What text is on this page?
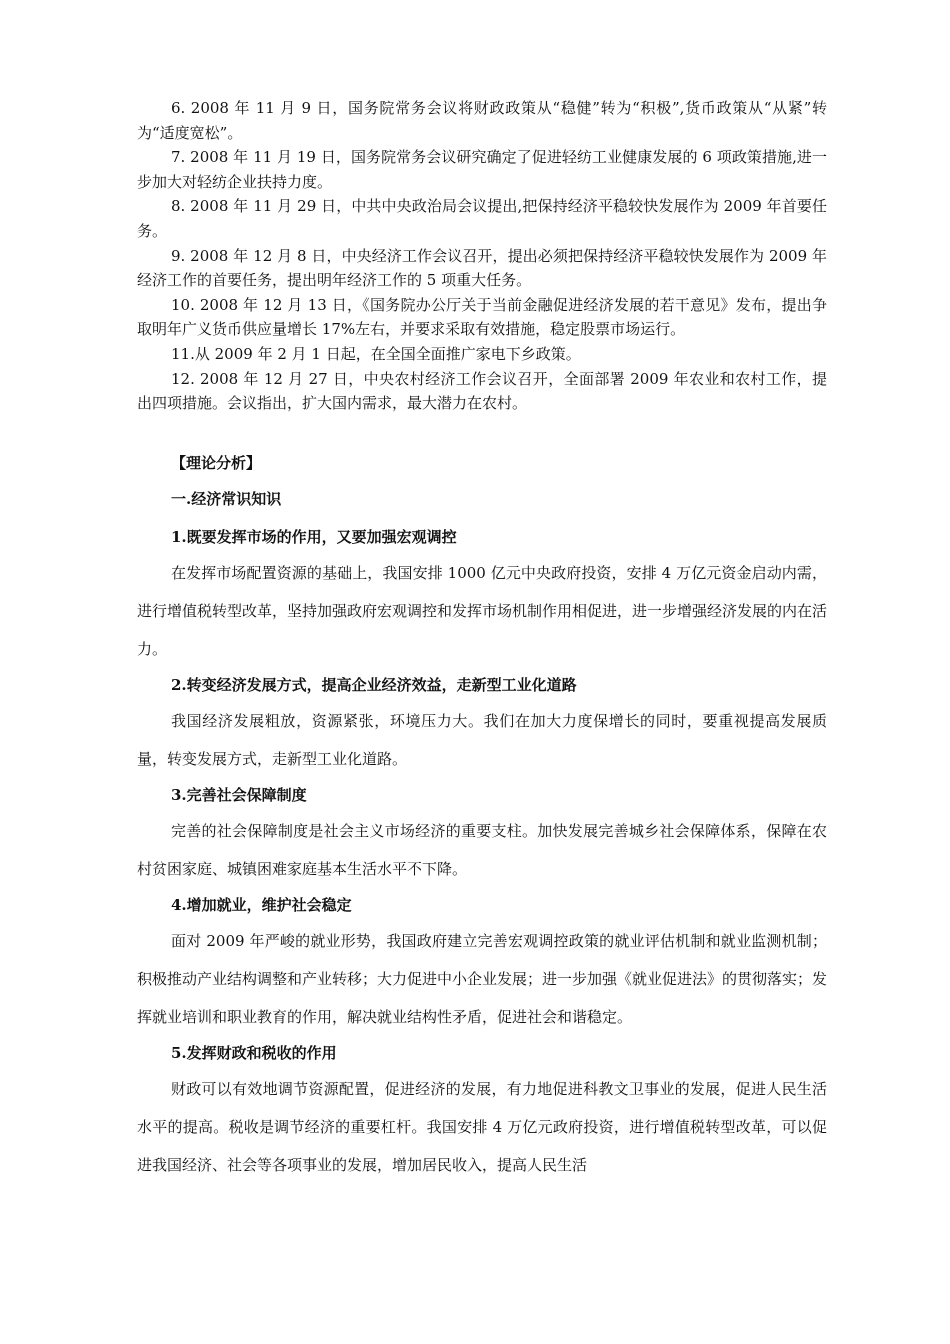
6. 2008 年 11 月 9 日，国务院常务会议将财政政策从“稳健”转为“积极”,货币政策从“从紧”转为“适度宽松”。

7. 2008 年 11 月 19 日，国务院常务会议研究确定了促进轻纺工业健康发展的 6 项政策措施,进一步加大对轻纺企业扶持力度。

8. 2008 年 11 月 29 日，中共中央政治局会议提出,把保持经济平稳较快发展作为 2009 年首要任务。

9. 2008 年 12 月 8 日，中央经济工作会议召开，提出必须把保持经济平稳较快发展作为 2009 年经济工作的首要任务，提出明年经济工作的 5 项重大任务。

10. 2008 年 12 月 13 日，《国务院办公厅关于当前金融促进经济发展的若干意见》发布，提出争取明年广义货币供应量增长 17%左右，并要求采取有效措施，稳定股票市场运行。

11.从 2009 年 2 月 1 日起，在全国全面推广家电下乡政策。

12. 2008 年 12 月 27 日，中央农村经济工作会议召开，全面部署 2009 年农业和农村工作，提出四项措施。会议指出，扩大国内需求，最大潜力在农村。

【理论分析】

一.经济常识知识

1.既要发挥市场的作用，又要加强宏观调控

在发挥市场配置资源的基础上，我国安排 1000 亿元中央政府投资，安排 4 万亿元资金启动内需，进行增值税转型改革，坚持加强政府宏观调控和发挥市场机制作用相促进，进一步增强经济发展的内在活力。

2.转变经济发展方式，提高企业经济效益，走新型工业化道路

我国经济发展粗放，资源紧张，环境压力大。我们在加大力度保增长的同时，要重视提高发展质量，转变发展方式，走新型工业化道路。

3.完善社会保障制度

完善的社会保障制度是社会主义市场经济的重要支柱。加快发展完善城乡社会保障体系，保障在农村贫困家庭、城镇困难家庭基本生活水平不下降。

4.增加就业，维护社会稳定

面对 2009 年严峻的就业形势，我国政府建立完善宏观调控政策的就业评估机制和就业监测机制；积极推动产业结构调整和产业转移；大力促进中小企业发展；进一步加强《就业促进法》的贯彻落实；发挥就业培训和职业教育的作用，解决就业结构性矛盾，促进社会和谐稳定。

5.发挥财政和税收的作用

财政可以有效地调节资源配置，促进经济的发展，有力地促进科教文卫事业的发展，促进人民生活水平的提高。税收是调节经济的重要杠杆。我国安排 4 万亿元政府投资，进行增值税转型改革，可以促进我国经济、社会等各项事业的发展，增加居民收入，提高人民生活
